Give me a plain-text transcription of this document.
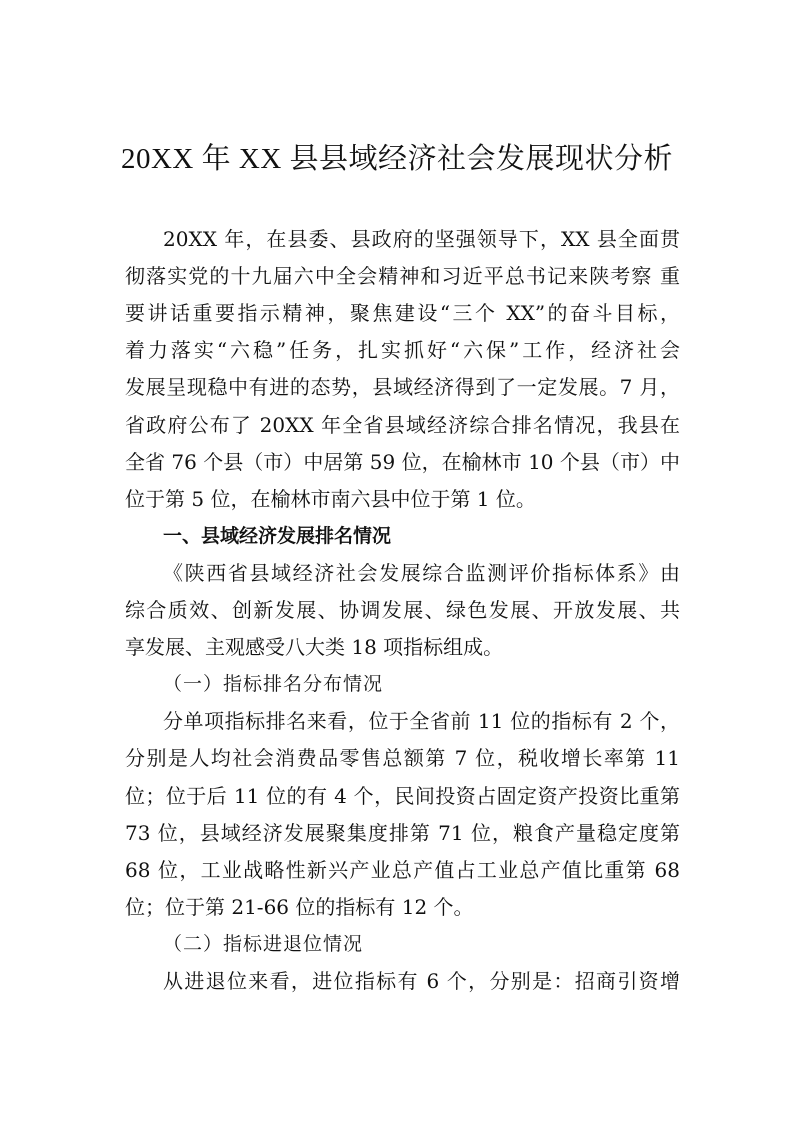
20XX 年 XX 县县域经济社会发展现状分析
20XX 年，在县委、县政府的坚强领导下，XX 县全面贯
彻落实党的十九届六中全会精神和习近平总书记来陕考察 重
要讲话重要指示精神，聚焦建设“三个 XX”的奋斗目标，
着力落实“六稳”任务，扎实抓好“六保”工作，经济社会
发展呈现稳中有进的态势，县域经济得到了一定发展。7 月，
省政府公布了 20XX 年全省县域经济综合排名情况，我县在
全省 76 个县（市）中居第 59 位，在榆林市 10 个县（市）中
位于第 5 位，在榆林市南六县中位于第 1 位。
一、县域经济发展排名情况
《陕西省县域经济社会发展综合监测评价指标体系》由
综合质效、创新发展、协调发展、绿色发展、开放发展、共
享发展、主观感受八大类 18 项指标组成。
（一）指标排名分布情况
分单项指标排名来看，位于全省前 11 位的指标有 2 个，
分别是人均社会消费品零售总额第 7 位，税收增长率第 11
位；位于后 11 位的有 4 个，民间投资占固定资产投资比重第
73 位，县域经济发展聚集度排第 71 位，粮食产量稳定度第
68 位，工业战略性新兴产业总产值占工业总产值比重第 68
位；位于第 21-66 位的指标有 12 个。
（二）指标进退位情况
从进退位来看，进位指标有 6 个，分别是：招商引资增
